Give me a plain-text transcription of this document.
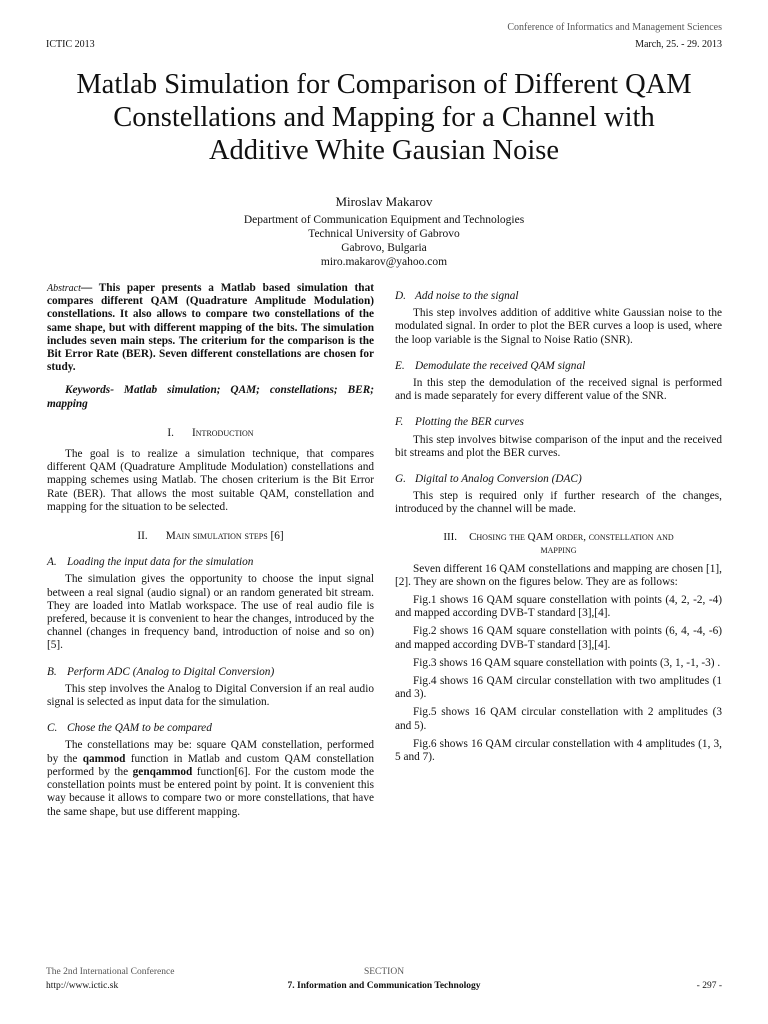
Conference of Informatics and Management Sciences
ICTIC 2013	March, 25. - 29. 2013
Matlab Simulation for Comparison of Different QAM
Constellations and Mapping for a Channel with
Additive White Gausian Noise
Miroslav Makarov
Department of Communication Equipment and Technologies
Technical University of Gabrovo
Gabrovo, Bulgaria
miro.makarov@yahoo.com

Abstract— This paper presents a Matlab based simulation that compares different QAM (Quadrature Amplitude Modulation) constellations. It also allows to compare two constellations of the same shape, but with different mapping of the bits. The simulation includes seven main steps. The criterium for the comparison is the Bit Error Rate (BER). Seven different constellations are chosen for study.

Keywords- Matlab simulation; QAM; constellations; BER; mapping

I. Introduction

The goal is to realize a simulation technique, that compares different QAM (Quadrature Amplitude Modulation) constellations and mapping schemes using Matlab. The chosen criterium is the Bit Error Rate (BER). That allows the most suitable QAM, constellation and mapping for the situation to be selected.

II. Main simulation steps [6]
A. Loading the input data for the simulation

The simulation gives the opportunity to choose the input signal between a real signal (audio signal) or an random generated bit stream. They are loaded into Matlab workspace. The use of real audio file is prefered, because it is convenient to hear the changes, introduced by the channel (changes in frequency band, introduction of noise and so on)[5].

B. Perform ADC (Analog to Digital Conversion)

This step involves the Analog to Digital Conversion if an real audio signal is selected as input data for the simulation.

C. Chose the QAM to be compared

The constellations may be: square QAM constellation, performed by the qammod function in Matlab and custom QAM constellation performed by the genqammod function[6]. For the custom mode the constellation points must be entered point by point. It is convenient this way because it allows to compare two or more constellations, that have the same shape, but use different mapping.

D. Add noise to the signal

This step involves addition of additive white Gaussian noise to the modulated signal. In order to plot the BER curves a loop is used, where the loop variable is the Signal to Noise Ratio (SNR).

E. Demodulate the received QAM signal

In this step the demodulation of the received signal is performed and is made separately for every different value of the SNR.

F. Plotting the BER curves

This step involves bitwise comparison of the input and the received bit streams and plot the BER curves.

G. Digital to Analog Conversion (DAC)

This step is required only if further research of the changes, introduced by the channel will be made.

III. Chosing the QAM order, constellation and
mapping

Seven different 16 QAM constellations and mapping are chosen [1],[2]. They are shown on the figures below. They are as follows:

Fig.1 shows 16 QAM square constellation with points (4, 2, -2, -4) and mapped according DVB-T standard [3],[4].

Fig.2 shows 16 QAM square constellation with points (6, 4, -4, -6) and mapped according DVB-T standard [3],[4].

Fig.3 shows 16 QAM square constellation with points (3, 1, -1, -3) .

Fig.4 shows 16 QAM circular constellation with two amplitudes (1 and 3).

Fig.5 shows 16 QAM circular constellation with 2 amplitudes (3 and 5).

Fig.6 shows 16 QAM circular constellation with 4 amplitudes (1, 3, 5 and 7).

The 2nd International Conference
http://www.ictic.sk
SECTION
7. Information and Communication Technology	- 297 -
